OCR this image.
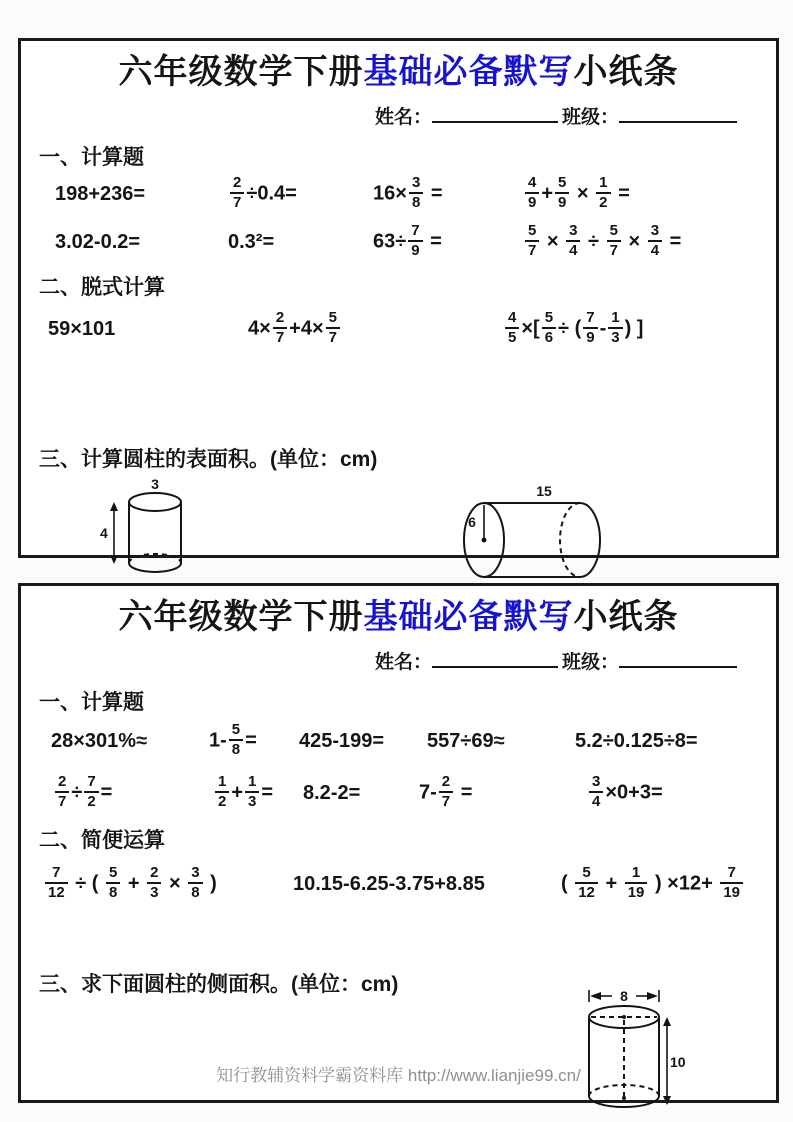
六年级数学下册基础必备默写小纸条
姓名：	班级：
一、计算题
198+236=	$\frac{2}{7} \div 0.4=$	$16\times \frac{3}{8}$ =	$\frac{4}{9} + \frac{5}{9} \times \frac{1}{2}$ =
3.02-0.2=	0.3²=	$63\div \frac{7}{9}$ =	$\frac{5}{7} \times \frac{3}{4} \div \frac{5}{7} \times \frac{3}{4}$ =
二、脱式计算
59×101	$4\times \frac{2}{7} +4\times \frac{5}{7}$	$\frac{4}{5}$ ×[ $\frac{5}{6}$ ÷ ( $\frac{7}{9} - \frac{1}{3}$ ) ]
三、计算圆柱的表面积。(单位：cm)
3
4
15
6
六年级数学下册基础必备默写小纸条
姓名：	班级：
一、计算题
28×301%≈	$1- \frac{5}{8}$ =	425-199=	557÷69≈	5.2÷0.125÷8=
$\frac{2}{7} \div \frac{7}{2}$ =	$\frac{1}{2} + \frac{1}{3}$ =	8.2-2=	$7- \frac{2}{7}$ =	$\frac{3}{4} \times 0+3=$
二、简便运算
$\frac{7}{12}$ ÷ ( $\frac{5}{8} + \frac{2}{3} \times \frac{3}{8}$ )	10.15-6.25-3.75+8.85	( $\frac{5}{12} + \frac{1}{19}$ ) $\times 12+ \frac{7}{19}$
三、求下面圆柱的侧面积。(单位：cm)
8
10
知行教辅资料学霸资料库 http://www.lianjie99.cn/
